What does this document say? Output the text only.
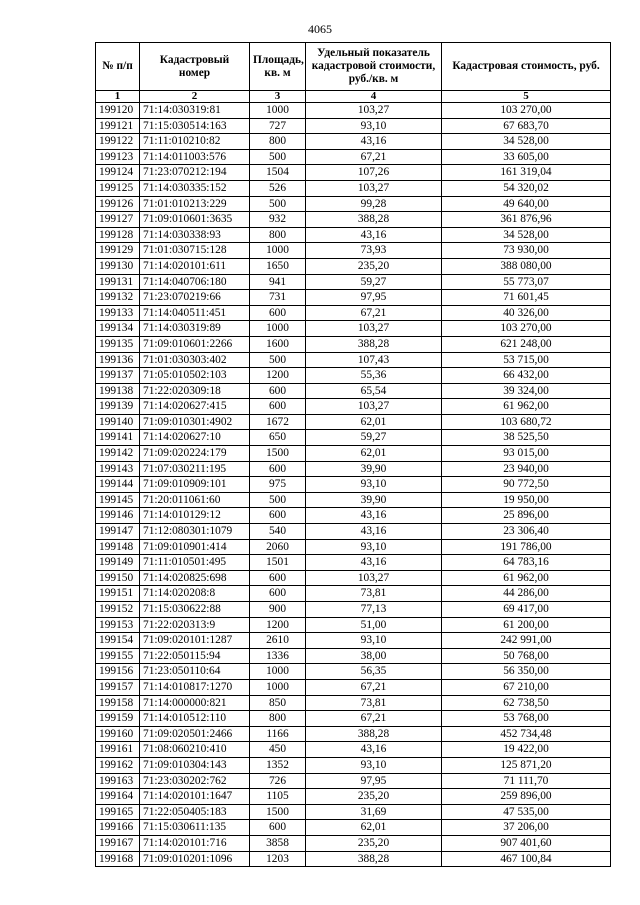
4065
№ п/п	Кадастровый номер	Площадь, кв. м	Удельный показатель кадастровой стоимости, руб./кв. м	Кадастровая стоимость, руб.
1	2	3	4	5
199120	71:14:030319:81	1000	103,27	103 270,00
199121	71:15:030514:163	727	93,10	67 683,70
199122	71:11:010210:82	800	43,16	34 528,00
199123	71:14:011003:576	500	67,21	33 605,00
199124	71:23:070212:194	1504	107,26	161 319,04
199125	71:14:030335:152	526	103,27	54 320,02
199126	71:01:010213:229	500	99,28	49 640,00
199127	71:09:010601:3635	932	388,28	361 876,96
199128	71:14:030338:93	800	43,16	34 528,00
199129	71:01:030715:128	1000	73,93	73 930,00
199130	71:14:020101:611	1650	235,20	388 080,00
199131	71:14:040706:180	941	59,27	55 773,07
199132	71:23:070219:66	731	97,95	71 601,45
199133	71:14:040511:451	600	67,21	40 326,00
199134	71:14:030319:89	1000	103,27	103 270,00
199135	71:09:010601:2266	1600	388,28	621 248,00
199136	71:01:030303:402	500	107,43	53 715,00
199137	71:05:010502:103	1200	55,36	66 432,00
199138	71:22:020309:18	600	65,54	39 324,00
199139	71:14:020627:415	600	103,27	61 962,00
199140	71:09:010301:4902	1672	62,01	103 680,72
199141	71:14:020627:10	650	59,27	38 525,50
199142	71:09:020224:179	1500	62,01	93 015,00
199143	71:07:030211:195	600	39,90	23 940,00
199144	71:09:010909:101	975	93,10	90 772,50
199145	71:20:011061:60	500	39,90	19 950,00
199146	71:14:010129:12	600	43,16	25 896,00
199147	71:12:080301:1079	540	43,16	23 306,40
199148	71:09:010901:414	2060	93,10	191 786,00
199149	71:11:010501:495	1501	43,16	64 783,16
199150	71:14:020825:698	600	103,27	61 962,00
199151	71:14:020208:8	600	73,81	44 286,00
199152	71:15:030622:88	900	77,13	69 417,00
199153	71:22:020313:9	1200	51,00	61 200,00
199154	71:09:020101:1287	2610	93,10	242 991,00
199155	71:22:050115:94	1336	38,00	50 768,00
199156	71:23:050110:64	1000	56,35	56 350,00
199157	71:14:010817:1270	1000	67,21	67 210,00
199158	71:14:000000:821	850	73,81	62 738,50
199159	71:14:010512:110	800	67,21	53 768,00
199160	71:09:020501:2466	1166	388,28	452 734,48
199161	71:08:060210:410	450	43,16	19 422,00
199162	71:09:010304:143	1352	93,10	125 871,20
199163	71:23:030202:762	726	97,95	71 111,70
199164	71:14:020101:1647	1105	235,20	259 896,00
199165	71:22:050405:183	1500	31,69	47 535,00
199166	71:15:030611:135	600	62,01	37 206,00
199167	71:14:020101:716	3858	235,20	907 401,60
199168	71:09:010201:1096	1203	388,28	467 100,84
